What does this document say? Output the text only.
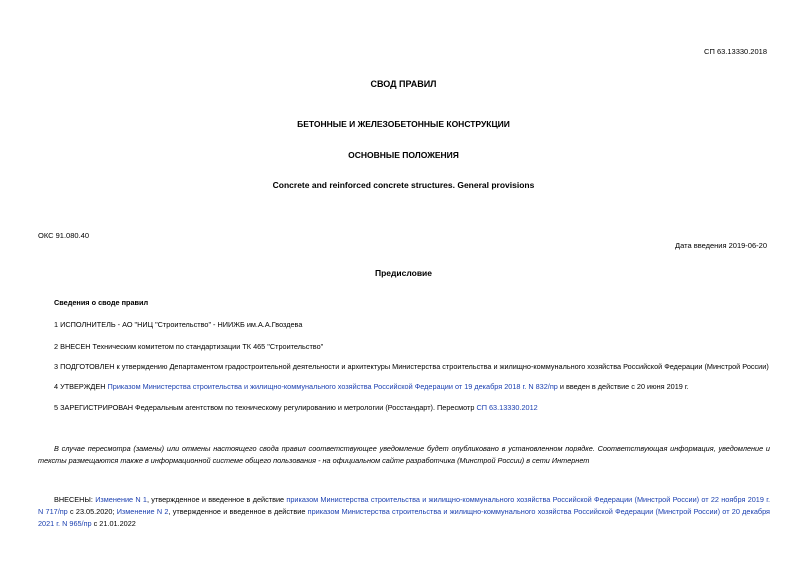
СП 63.13330.2018
СВОД ПРАВИЛ
БЕТОННЫЕ И ЖЕЛЕЗОБЕТОННЫЕ КОНСТРУКЦИИ
ОСНОВНЫЕ ПОЛОЖЕНИЯ
Concrete and reinforced concrete structures. General provisions
ОКС 91.080.40
Дата введения 2019-06-20
Предисловие
Сведения о своде правил
1 ИСПОЛНИТЕЛЬ - АО "НИЦ "Строительство" - НИИЖБ им.А.А.Гвоздева
2 ВНЕСЕН Техническим комитетом по стандартизации ТК 465 "Строительство"
3 ПОДГОТОВЛЕН к утверждению Департаментом градостроительной деятельности и архитектуры Министерства строительства и жилищно-коммунального хозяйства Российской Федерации (Минстрой России)
4 УТВЕРЖДЕН Приказом Министерства строительства и жилищно-коммунального хозяйства Российской Федерации от 19 декабря 2018 г. N 832/пр и введен в действие с 20 июня 2019 г.
5 ЗАРЕГИСТРИРОВАН Федеральным агентством по техническому регулированию и метрологии (Росстандарт). Пересмотр СП 63.13330.2012
В случае пересмотра (замены) или отмены настоящего свода правил соответствующее уведомление будет опубликовано в установленном порядке. Соответствующая информация, уведомление и тексты размещаются также в информационной системе общего пользования - на официальном сайте разработчика (Минстрой России) в сети Интернет
ВНЕСЕНЫ: Изменение N 1, утвержденное и введенное в действие приказом Министерства строительства и жилищно-коммунального хозяйства Российской Федерации (Минстрой России) от 22 ноября 2019 г. N 717/пр с 23.05.2020; Изменение N 2, утвержденное и введенное в действие приказом Министерства строительства и жилищно-коммунального хозяйства Российской Федерации (Минстрой России) от 20 декабря 2021 г. N 965/пр с 21.01.2022
